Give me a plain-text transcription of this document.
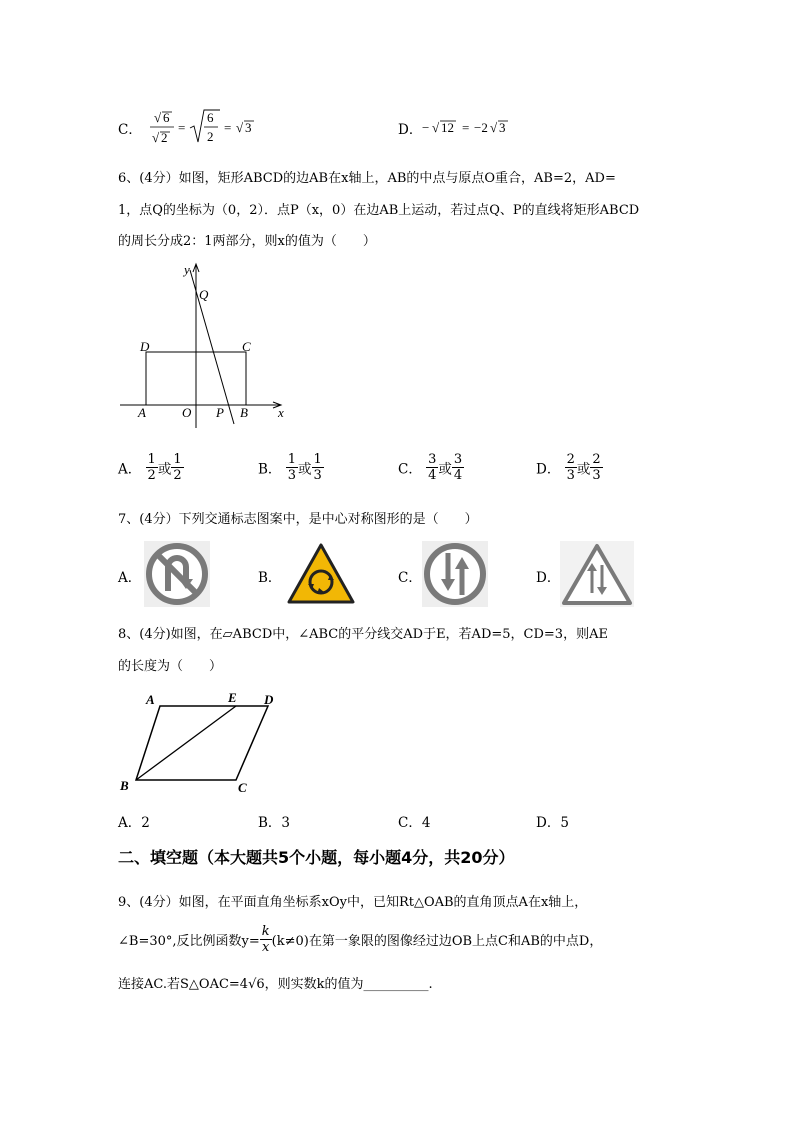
C．
√ 6
√ 2
=
6
2
= √ 3	D． − √ 12 = −2 √ 3
6、(4分）如图，矩形ABCD的边AB在x轴上，AB的中点与原点O重合，AB=2，AD=
1，点Q的坐标为（0，2）．点P（x，0）在边AB上运动，若过点Q、P的直线将矩形ABCD
的周长分成2：1两部分，则x的值为（　　）
y
Q
D	C
A	O P B x
A． $\frac{1}{2}$ 或 $\frac{1}{2}$	B． $\frac{1}{3}$ 或 $\frac{1}{3}$	C． $\frac{3}{4}$ 或 $\frac{3}{4}$	D． $\frac{2}{3}$ 或 $\frac{2}{3}$
7、(4分）下列交通标志图案中，是中心对称图形的是（　　）
A．	B．	C．	D．
8、(4分)如图，在▱ABCD中，∠ABC的平分线交AD于E，若AD=5，CD=3，则AE
的长度为（　　）
A	E D
B	C
A．2	B．3	C．4	D．5
二、填空题（本大题共5个小题，每小题4分，共20分）
9、(4分）如图，在平面直角坐标系xOy中，已知Rt△OAB的直角顶点A在x轴上，
∠B=30°,反比例函数$y= \frac{k}{x} (k\ne 0)$在第一象限的图像经过边OB上点C和AB的中点D，
连接AC.若S△OAC=4√6，则实数k的值为__________.
